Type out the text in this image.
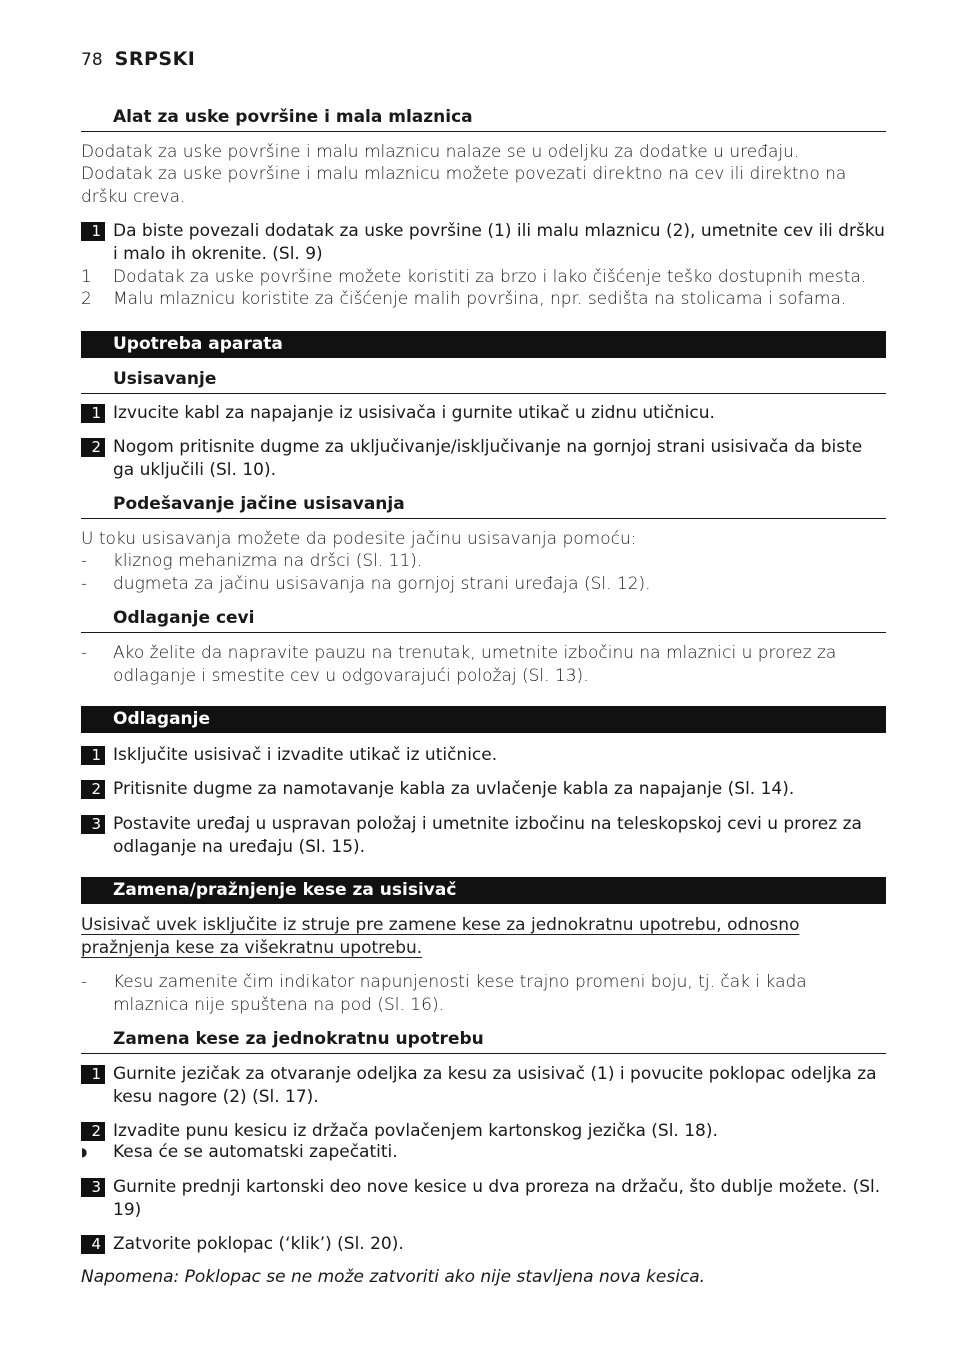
78 SRPSKI
Alat za uske površine i mala mlaznica
Dodatak za uske površine i malu mlaznicu nalaze se u odeljku za dodatke u uređaju.
Dodatak za uske površine i malu mlaznicu možete povezati direktno na cev ili direktno na dršku creva.
1 Da biste povezali dodatak za uske površine (1) ili malu mlaznicu (2), umetnite cev ili dršku i malo ih okrenite. (Sl. 9)
1	Dodatak za uske površine možete koristiti za brzo i lako čišćenje teško dostupnih mesta.
2	Malu mlaznicu koristite za čišćenje malih površina, npr. sedišta na stolicama i sofama.
Upotreba aparata
Usisavanje
1 Izvucite kabl za napajanje iz usisivača i gurnite utikač u zidnu utičnicu.
2 Nogom pritisnite dugme za uključivanje/isključivanje na gornjoj strani usisivača da biste ga uključili (Sl. 10).
Podešavanje jačine usisavanja
U toku usisavanja možete da podesite jačinu usisavanja pomoću:
-	kliznog mehanizma na dršci (Sl. 11).
-	dugmeta za jačinu usisavanja na gornjoj strani uređaja (Sl. 12).
Odlaganje cevi
-	Ako želite da napravite pauzu na trenutak, umetnite izbočinu na mlaznici u prorez za odlaganje i smestite cev u odgovarajući položaj (Sl. 13).
Odlaganje
1 Isključite usisivač i izvadite utikač iz utičnice.
2 Pritisnite dugme za namotavanje kabla za uvlačenje kabla za napajanje (Sl. 14).
3 Postavite uređaj u uspravan položaj i umetnite izbočinu na teleskopskoj cevi u prorez za odlaganje na uređaju (Sl. 15).
Zamena/pražnjenje kese za usisivač
Usisivač uvek isključite iz struje pre zamene kese za jednokratnu upotrebu, odnosno pražnjenja kese za višekratnu upotrebu.
-	Kesu zamenite čim indikator napunjenosti kese trajno promeni boju, tj. čak i kada mlaznica nije spuštena na pod (Sl. 16).
Zamena kese za jednokratnu upotrebu
1 Gurnite jezičak za otvaranje odeljka za kesu za usisivač (1) i povucite poklopac odeljka za kesu nagore (2) (Sl. 17).
2 Izvadite punu kesicu iz držača povlačenjem kartonskog jezička (Sl. 18).
◗	Kesa će se automatski zapečatiti.
3 Gurnite prednji kartonski deo nove kesice u dva proreza na držaču, što dublje možete. (Sl. 19)
4 Zatvorite poklopac (‘klik’) (Sl. 20).
Napomena: Poklopac se ne može zatvoriti ako nije stavljena nova kesica.
